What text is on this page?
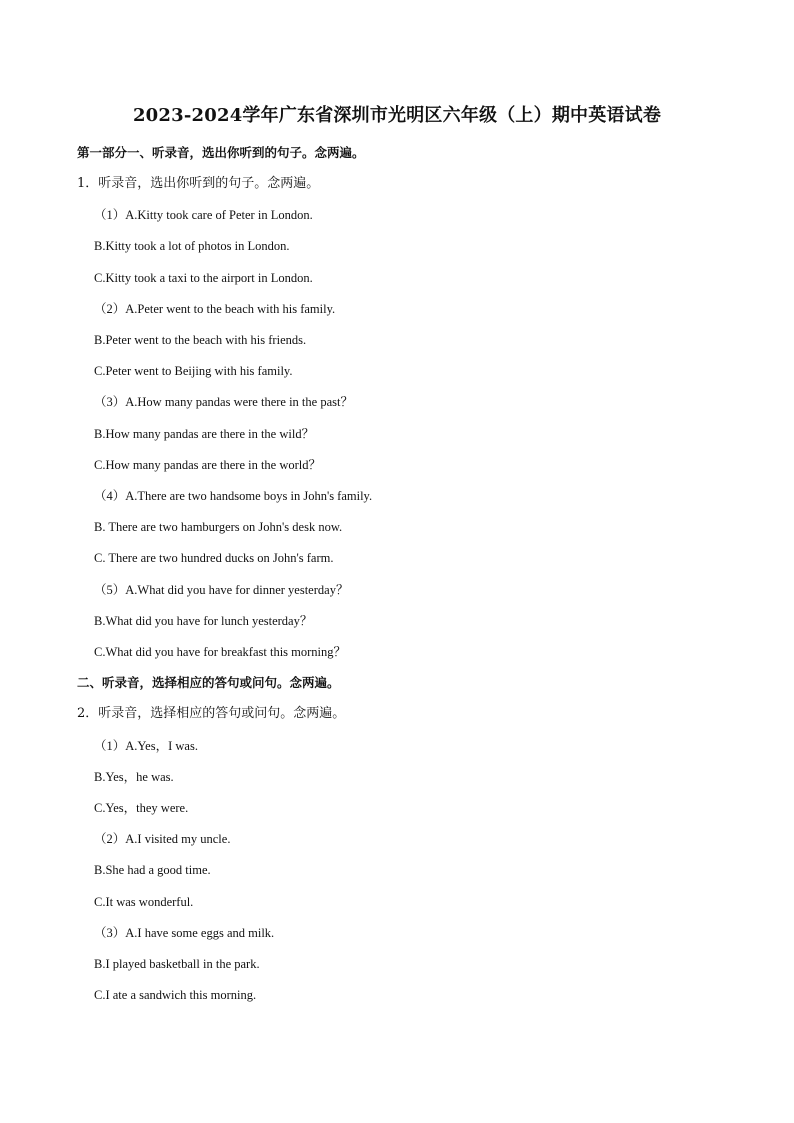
2023-2024学年广东省深圳市光明区六年级（上）期中英语试卷
第一部分一、听录音，选出你听到的句子。念两遍。
1．听录音，选出你听到的句子。念两遍。
（1）A.Kitty took care of Peter in London.
B.Kitty took a lot of photos in London.
C.Kitty took a taxi to the airport in London.
（2）A.Peter went to the beach with his family.
B.Peter went to the beach with his friends.
C.Peter went to Beijing with his family.
（3）A.How many pandas were there in the past？
B.How many pandas are there in the wild？
C.How many pandas are there in the world？
（4）A.There are two handsome boys in John's family.
B. There are two hamburgers on John's desk now.
C. There are two hundred ducks on John's farm.
（5）A.What did you have for dinner yesterday？
B.What did you have for lunch yesterday？
C.What did you have for breakfast this morning？
二、听录音，选择相应的答句或问句。念两遍。
2．听录音，选择相应的答句或问句。念两遍。
（1）A.Yes，I was.
B.Yes，he was.
C.Yes，they were.
（2）A.I visited my uncle.
B.She had a good time.
C.It was wonderful.
（3）A.I have some eggs and milk.
B.I played basketball in the park.
C.I ate a sandwich this morning.
